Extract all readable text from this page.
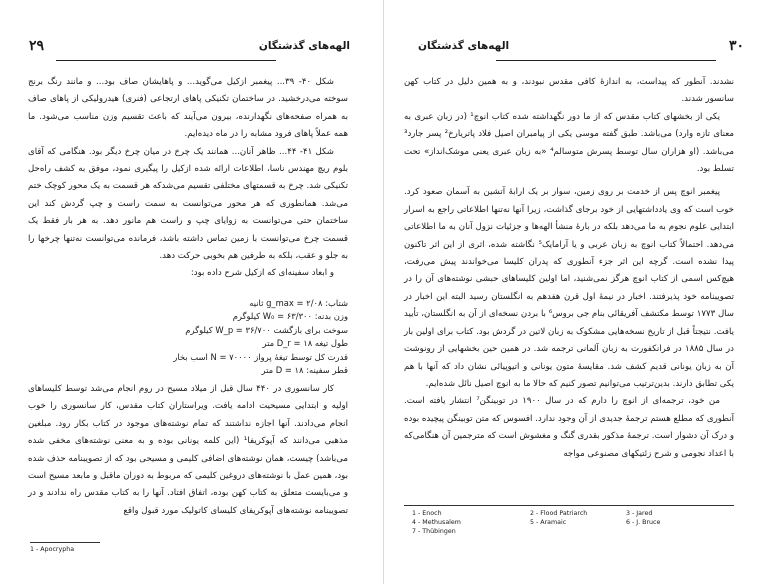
۲۹	الهه‌های گذشتگان

شکل ۴۰- ۳۹... پیغمبر ازکیل می‌گوید... و پاهایشان صاف بود... و مانند رنگ برنج سوخته می‌درخشید. در ساختمان تکنیکی پاهای ارتجاعی (فنری) هیدرولیکی از پاهای صاف به همراه صفحه‌های نگهدارنده، بیرون می‌آیند که باعث تقسیم وزن مناسب می‌شود. ما همه عملاً پاهای فرود مشابه را در ماه دیده‌ایم.

شکل ۴۱- ۴۴... ظاهر آنان... همانند یک چرخ در میان چرخ دیگر بود. هنگامی که آقای بلوم ریچ مهندس ناسا، اطلاعات ارائه شده ازکیل را پیگیری نمود، موفق به کشف راه‌حل تکنیکی شد. چرخ به قسمتهای مختلفی تقسیم می‌شدکه هر قسمت به یک محور کوچک ختم می‌شد. همانطوری که هر محور می‌توانست به سمت راست و چپ گردش کند این ساختمان حتی می‌توانست به زوایای چپ و راست هم مانور دهد. به هر بار فقط یک قسمت چرخ می‌توانست با زمین تماس داشته باشد، فرمانده می‌توانست نه‌تنها چرخها را به جلو و عقب، بلکه به طرفین هم بخوبی حرکت دهد.

و ابعاد سفینه‌ای که ازکیل شرح داده بود:

شتاب: g_max = ۲/۰۸ ثانیه
وزن بدنه: W₀ = ۶۳/۳۰۰ کیلوگرم
سوخت برای بازگشت W_p = ۳۶/۷۰۰ کیلوگرم
طول تیغه D_r = ۱۸ متر
قدرت کل توسط تیغهٔ پرواز N = ۷۰۰۰۰ اسب بخار
قطر سفینه: D = ۱۸ متر

کار سانسوری در ۴۴۰ سال قبل از میلاد مسیح در روم انجام می‌شد توسط کلیساهای اولیه و ابتدایی مسیحیت ادامه یافت. ویراستاران کتاب مقدس، کار سانسوری را خوب انجام می‌دادند. آنها اجازه نداشتند که تمام نوشته‌های موجود در کتاب بکار رود. مبلغین مذهبی می‌دانند که آپوکریفا¹ (این کلمه یونانی بوده و به معنی نوشته‌های مخفی شده می‌باشد) چیست، همان نوشته‌های اضافی کلیمی و مسیحی بود که از تصویبنامه حذف شده بود، همین عمل با نوشته‌های دروغین کلیمی که مربوط به دوران ماقبل و مابعد مسیح است و می‌بایست متعلق به کتاب کهن بوده، اتفاق افتاد. آنها را به کتاب مقدس راه ندادند و در تصویبنامه نوشته‌های آپوکریفای کلیسای کاتولیک مورد قبول واقع

1 - Apocrypha
الهه‌های گذشتگان	۳۰

نشدند. آنطور که پیداست، به اندازهٔ کافی مقدس نبودند، و به همین دلیل در کتاب کهن سانسور شدند.

یکی از بخشهای کتاب مقدس که از ما دور نگهداشته شده کتاب انوچ¹ (در زبان عبری به معنای تازه وارد) می‌باشد. طبق گفته موسی یکی از پیامبران اصیل فلاد پاتریارخ² پسر جارد³ می‌باشد. (او هزاران سال توسط پسرش متوسالم⁴ «به زبان عبری یعنی موشک‌انداز» تحت تسلط بود.

پیغمبر انوچ پس از خدمت بر روی زمین، سوار بر یک ارابهٔ آتشین به آسمان صعود کرد. خوب است که وی یادداشتهایی از خود برجای گذاشت، زیرا آنها نه‌تنها اطلاعاتی راجع به اسرار ابتدایی علوم نجوم به ما می‌دهد بلکه در بارهٔ منشأ الهه‌ها و جزئیات نزول آنان به ما اطلاعاتی می‌دهد. احتمالاً کتاب انوچ به زبان عربی و یا آرامایک⁵ نگاشته شده، اثری از این اثر تاکنون پیدا نشده است. گرچه این اثر جزء آنطوری که پدران کلیسا می‌خواندند پیش می‌رفت، هیچ‌کس اسمی از کتاب انوچ هرگز نمی‌شنید، اما اولین کلیساهای حبشی نوشته‌های آن را در تصویبنامه خود پذیرفتند. اخبار در نیمهٔ اول قرن هفدهم به انگلستان رسید البته این اخبار در سال ۱۷۷۳ توسط مکتشف آفریقائی بنام جی بروس⁶ با بردن نسخه‌ای از آن به انگلستان، تأیید یافت. نتیجتاً قبل از تاریخ نسخه‌هایی مشکوک به زبان لاتین در گردش بود. کتاب برای اولین بار در سال ۱۸۸۵ در فرانکفورت به زبان آلمانی ترجمه شد. در همین حین بخشهایی از رونوشت آن به زبان یونانی قدیم کشف شد. مقایسهٔ متون یونانی و اتیوپیائی نشان داد که آنها با هم یکی تطابق دارند. بدین‌ترتیب می‌توانیم تصور کنیم که حالا ما به انوچ اصیل نائل شده‌ایم.

من خود، ترجمه‌ای از انوچ را دارم که در سال ۱۹۰۰ در توبینگن⁷ انتشار یافته است. آنطوری که مطلع هستم ترجمهٔ جدیدی از آن وجود ندارد. افسوس که متن توبینگن پیچیده بوده و درک آن دشوار است. ترجمهٔ مذکور بقدری گنگ و مغشوش است که مترجمین آن هنگامی‌که با اعداد نجومی و شرح زئتیکهای مصنوعی مواجه

1 - Enoch	2 - Flood Patriarch	3 - Jared
4 - Methusalem	5 - Aramaic	6 - J. Bruce
7 - Thübingen
